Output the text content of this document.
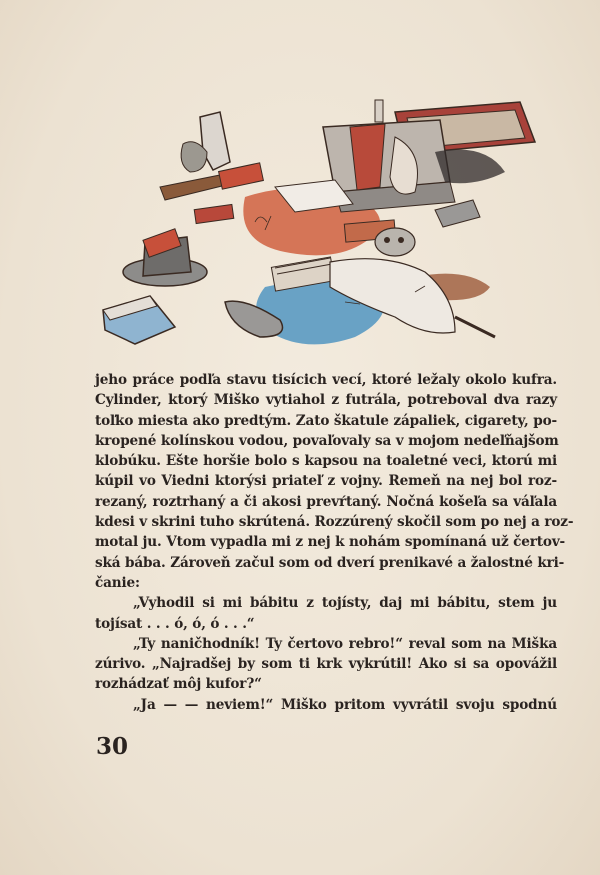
jeho práce podľa stavu tisícich vecí, ktoré ležaly okolo kufra.
Cylinder, ktorý Miško vytiahol z futrála, potreboval dva razy
toľko miesta ako predtým. Zato škatule zápaliek, cigarety, po-
kropené kolínskou vodou, povaľovaly sa v mojom nedeľňajšom
klobúku. Ešte horšie bolo s kapsou na toaletné veci, ktorú mi
kúpil vo Viedni ktorýsi priateľ z vojny. Remeň na nej bol roz-
rezaný, roztrhaný a či akosi prevŕtaný. Nočná košeľa sa váľala
kdesi v skrini tuho skrútená. Rozzúrený skočil som po nej a roz-
motal ju. Vtom vypadla mi z nej k nohám spomínaná už čertov-
ská bába. Zároveň začul som od dverí prenikavé a žalostné kri-
čanie:
„Vyhodil si mi bábitu z tojísty, daj mi bábitu, stem ju
tojísat . . . ó, ó, ó . . .“
„Ty naničhodník! Ty čertovo rebro!“ reval som na Miška
zúrivo. „Najradšej by som ti krk vykrútil! Ako si sa opovážil
rozhádzať môj kufor?“
„Ja — — neviem!“ Miško pritom vyvrátil svoju spodnú
30
